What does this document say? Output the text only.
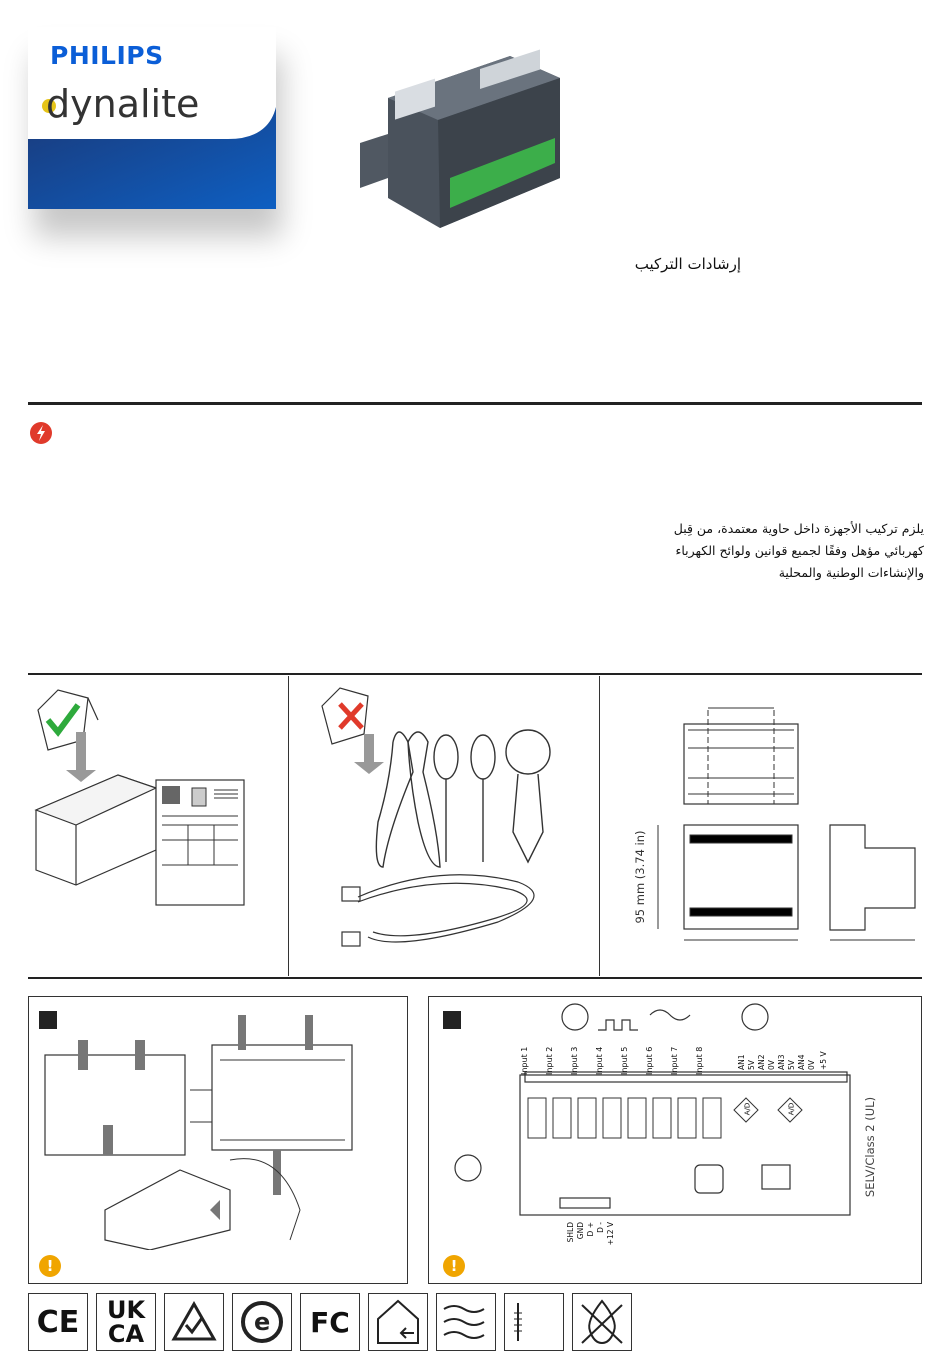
PHILIPS
dynalite
إرشادات التركيب
يلزم تركيب الأجهزة داخل حاوية معتمدة، من قِبل
كهربائي مؤهل وفقًا لجميع قوانين ولوائح الكهرباء
والإنشاءات الوطنية والمحلية
95 mm (3.74 in)
!
Input 1 Input 2 Input 3 Input 4 Input 5 Input 6 Input 7 Input 8	AN1 5V AN2 0V AN3 5V AN4 0V +5 V
A/D	A/D
SHLD GND D + D - +12 V
SELV/Class 2 (UL)
!
CE	UK
CA	e	FC
